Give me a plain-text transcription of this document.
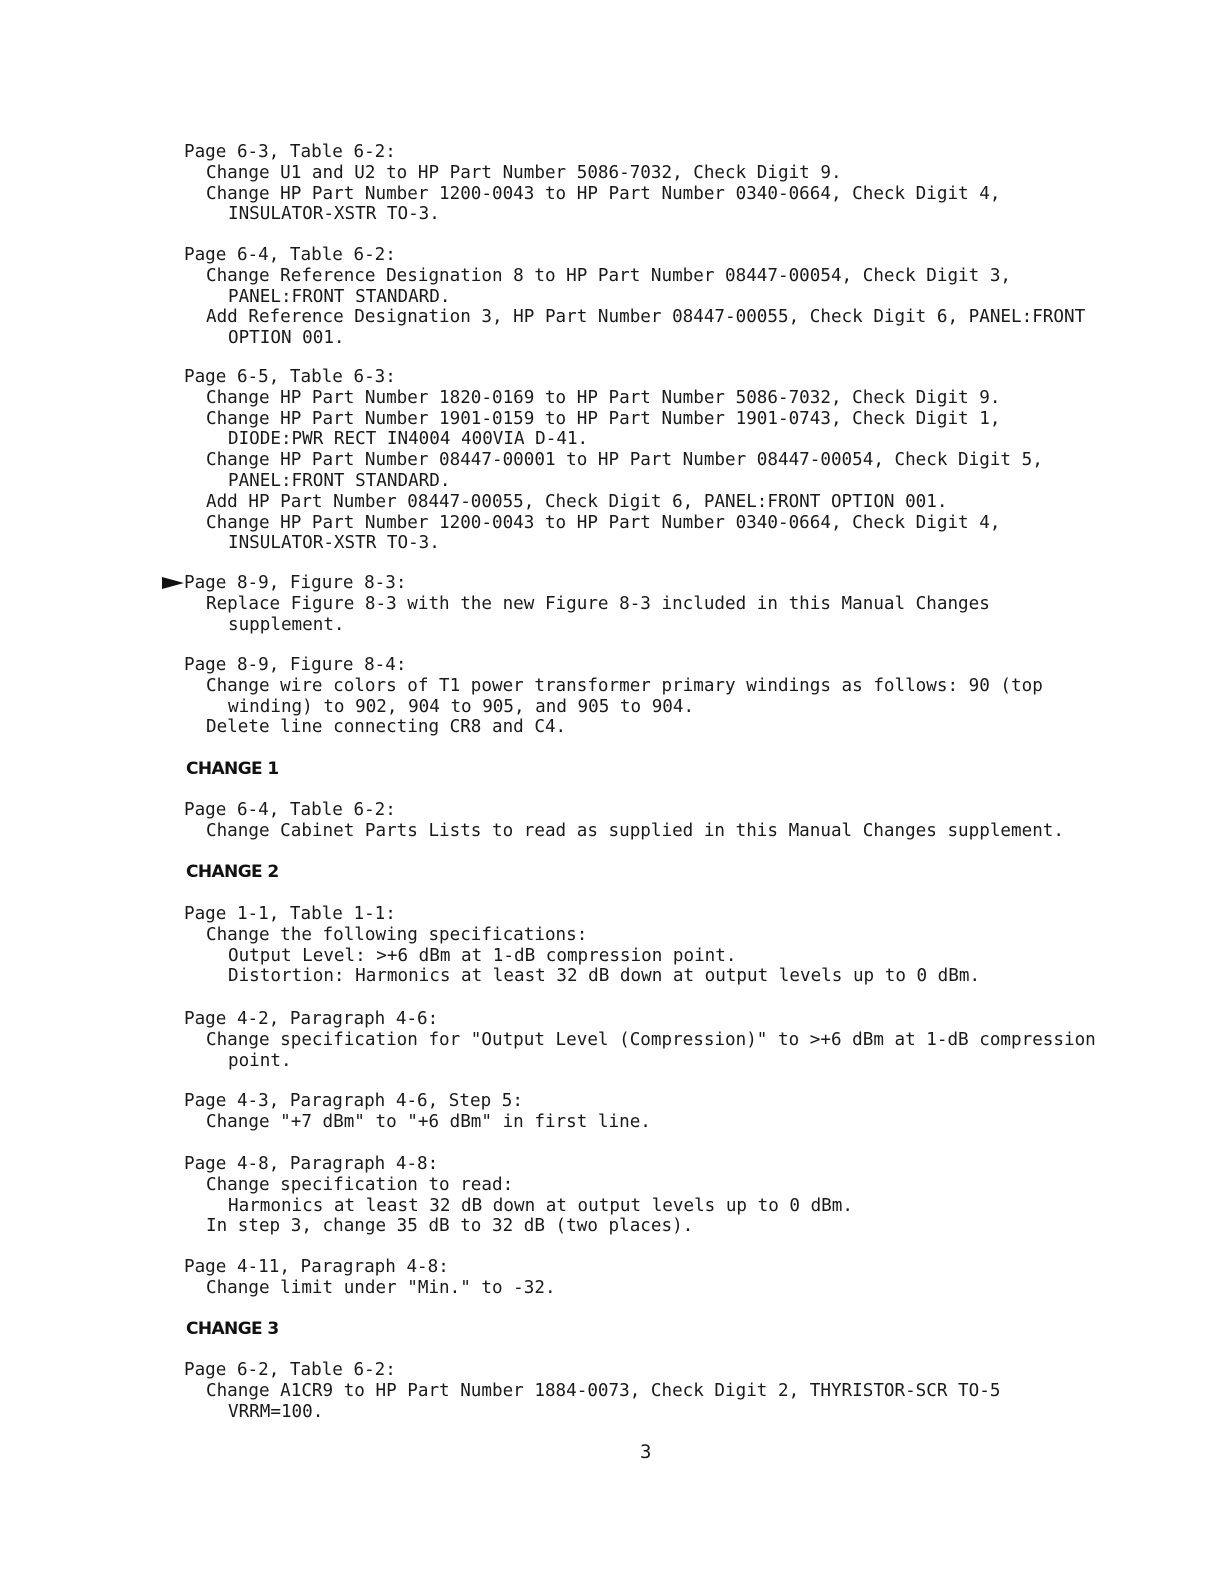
Page 6-3, Table 6-2:
Change U1 and U2 to HP Part Number 5086-7032, Check Digit 9.
Change HP Part Number 1200-0043 to HP Part Number 0340-0664, Check Digit 4,
INSULATOR-XSTR TO-3.
Page 6-4, Table 6-2:
Change Reference Designation 8 to HP Part Number 08447-00054, Check Digit 3,
PANEL:FRONT STANDARD.
Add Reference Designation 3, HP Part Number 08447-00055, Check Digit 6, PANEL:FRONT
OPTION 001.
Page 6-5, Table 6-3:
Change HP Part Number 1820-0169 to HP Part Number 5086-7032, Check Digit 9.
Change HP Part Number 1901-0159 to HP Part Number 1901-0743, Check Digit 1,
DIODE:PWR RECT IN4004 400VIA D-41.
Change HP Part Number 08447-00001 to HP Part Number 08447-00054, Check Digit 5,
PANEL:FRONT STANDARD.
Add HP Part Number 08447-00055, Check Digit 6, PANEL:FRONT OPTION 001.
Change HP Part Number 1200-0043 to HP Part Number 0340-0664, Check Digit 4,
INSULATOR-XSTR TO-3.
Page 8-9, Figure 8-3:
Replace Figure 8-3 with the new Figure 8-3 included in this Manual Changes
supplement.
Page 8-9, Figure 8-4:
Change wire colors of T1 power transformer primary windings as follows: 90 (top
winding) to 902, 904 to 905, and 905 to 904.
Delete line connecting CR8 and C4.
CHANGE 1
Page 6-4, Table 6-2:
Change Cabinet Parts Lists to read as supplied in this Manual Changes supplement.
CHANGE 2
Page 1-1, Table 1-1:
Change the following specifications:
Output Level: >+6 dBm at 1-dB compression point.
Distortion: Harmonics at least 32 dB down at output levels up to 0 dBm.
Page 4-2, Paragraph 4-6:
Change specification for "Output Level (Compression)" to >+6 dBm at 1-dB compression
point.
Page 4-3, Paragraph 4-6, Step 5:
Change "+7 dBm" to "+6 dBm" in first line.
Page 4-8, Paragraph 4-8:
Change specification to read:
Harmonics at least 32 dB down at output levels up to 0 dBm.
In step 3, change 35 dB to 32 dB (two places).
Page 4-11, Paragraph 4-8:
Change limit under "Min." to -32.
CHANGE 3
Page 6-2, Table 6-2:
Change A1CR9 to HP Part Number 1884-0073, Check Digit 2, THYRISTOR-SCR TO-5
VRRM=100.
3
